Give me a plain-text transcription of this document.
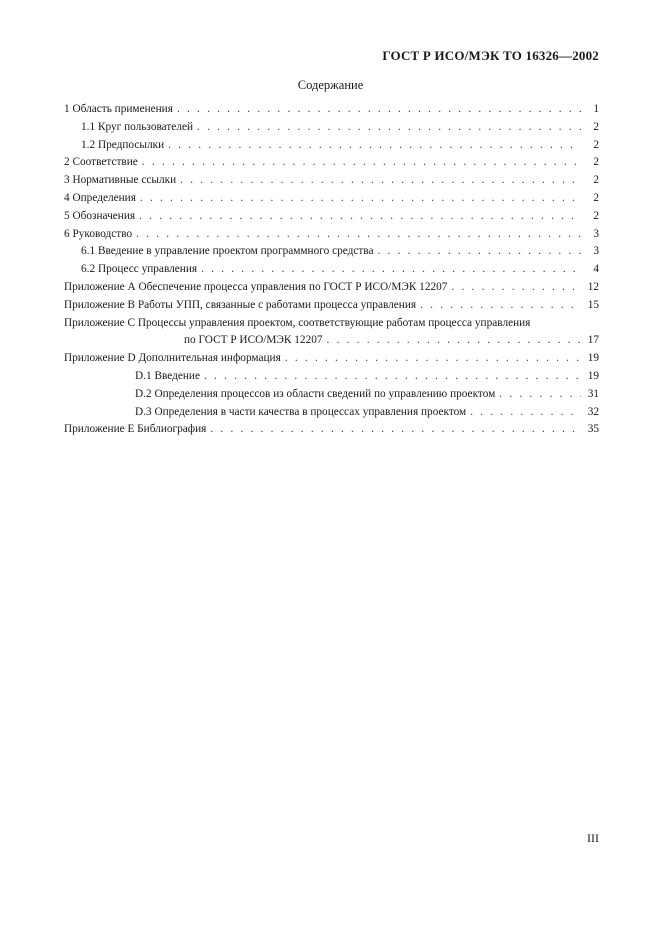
ГОСТ Р ИСО/МЭК ТО 16326—2002
Содержание
1 Область применения . . .	1
1.1 Круг пользователей . . .	2
1.2 Предпосылки . . .	2
2 Соответствие . . .	2
3 Нормативные ссылки . . .	2
4 Определения . . .	2
5 Обозначения . . .	2
6 Руководство . . .	3
6.1 Введение в управление проектом программного средства . . .	3
6.2 Процесс управления . . .	4
Приложение А Обеспечение процесса управления по ГОСТ Р ИСО/МЭК 12207 . . .	12
Приложение В Работы УПП, связанные с работами процесса управления . . .	15
Приложение С Процессы управления проектом, соответствующие работам процесса управления
по ГОСТ Р ИСО/МЭК 12207 . . .	17
Приложение D Дополнительная информация . . .	19
D.1 Введение . . .	19
D.2 Определения процессов из области сведений по управлению проектом . . .	31
D.3 Определения в части качества в процессах управления проектом . . .	32
Приложение Е Библиография . . .	35
III
